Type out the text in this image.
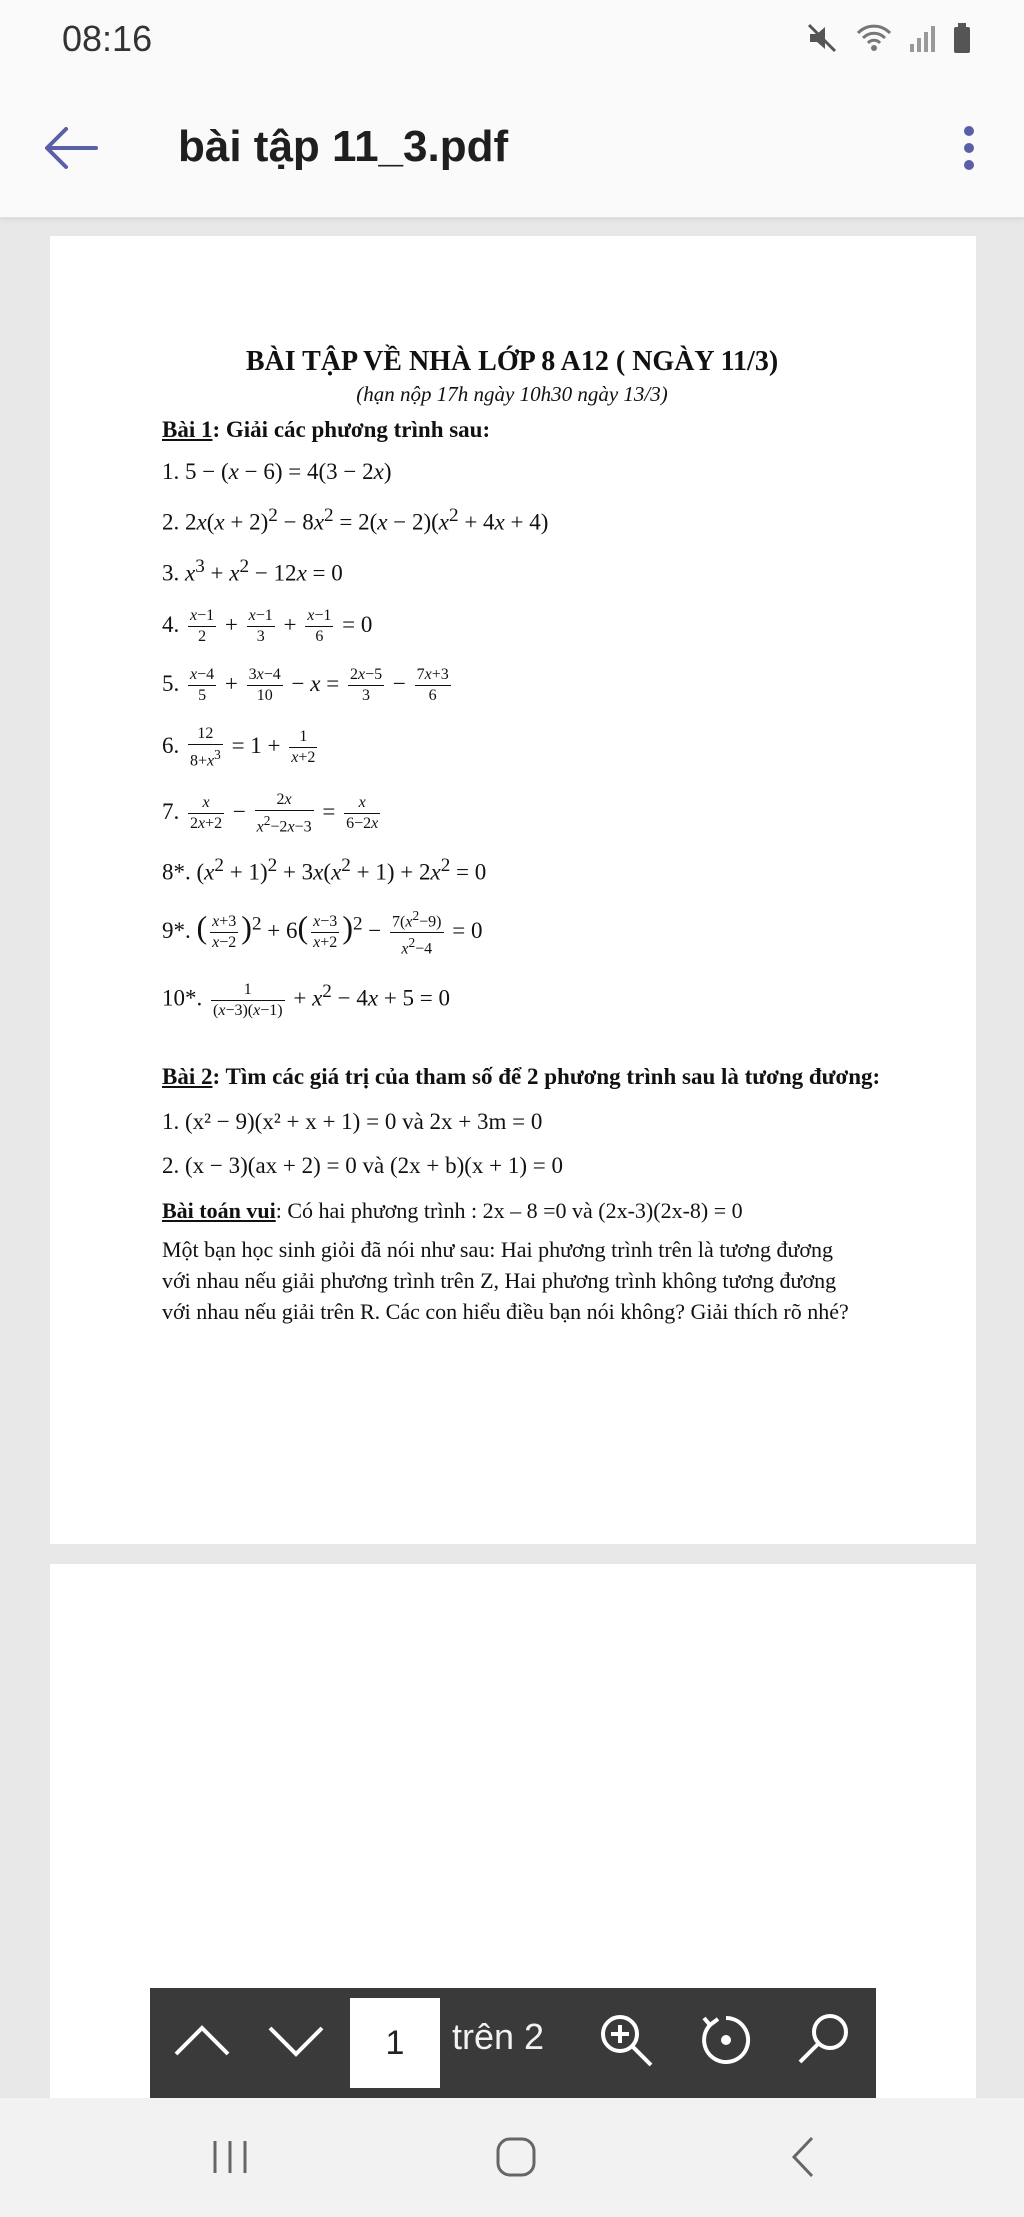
08:16
bài tập 11_3.pdf
BÀI TẬP VỀ NHÀ LỚP 8 A12 ( NGÀY 11/3)
(hạn nộp 17h ngày 10h30 ngày 13/3)
Bài 1: Giải các phương trình sau:
1. 5 − (x − 6) = 4(3 − 2x)
2. $2x(x + 2)^2 - 8x^2 = 2(x - 2)(x^2 + 4x + 4)$
3. $x^3 + x^2 - 12x = 0$
4. $\frac{x-1}{2} + \frac{x-1}{3} + \frac{x-1}{6} = 0$
5. $\frac{x-4}{5} + \frac{3x-4}{10} - x = \frac{2x-5}{3} - \frac{7x+3}{6}$
6. $\frac{12}{8+x^3} = 1 + \frac{1}{x+2}$
7. $\frac{x}{2x+2} - \frac{2x}{x^2-2x-3} = \frac{x}{6-2x}$
8*. $(x^2 + 1)^2 + 3x(x^2 + 1) + 2x^2 = 0$
9*. ( $\frac{x+3}{x-2} )^2 + 6( \frac{x-3}{x+2} )^2 - \frac{7(x^2-9)}{x^2-4} = 0$
10*. $\frac{1}{(x-3)(x-1)} + x^2 - 4x + 5 = 0$
Bài 2: Tìm các giá trị của tham số để 2 phương trình sau là tương đương:
1. (x² − 9)(x² + x + 1) = 0 và 2x + 3m = 0
2. (x − 3)(ax + 2) = 0 và (2x + b)(x + 1) = 0
Bài toán vui: Có hai phương trình : 2x – 8 =0 và (2x-3)(2x-8) = 0
Một bạn học sinh giỏi đã nói như sau: Hai phương trình trên là tương đương với nhau nếu giải phương trình trên Z, Hai phương trình không tương đương với nhau nếu giải trên R. Các con hiểu điều bạn nói không? Giải thích rõ nhé?
1	trên 2
